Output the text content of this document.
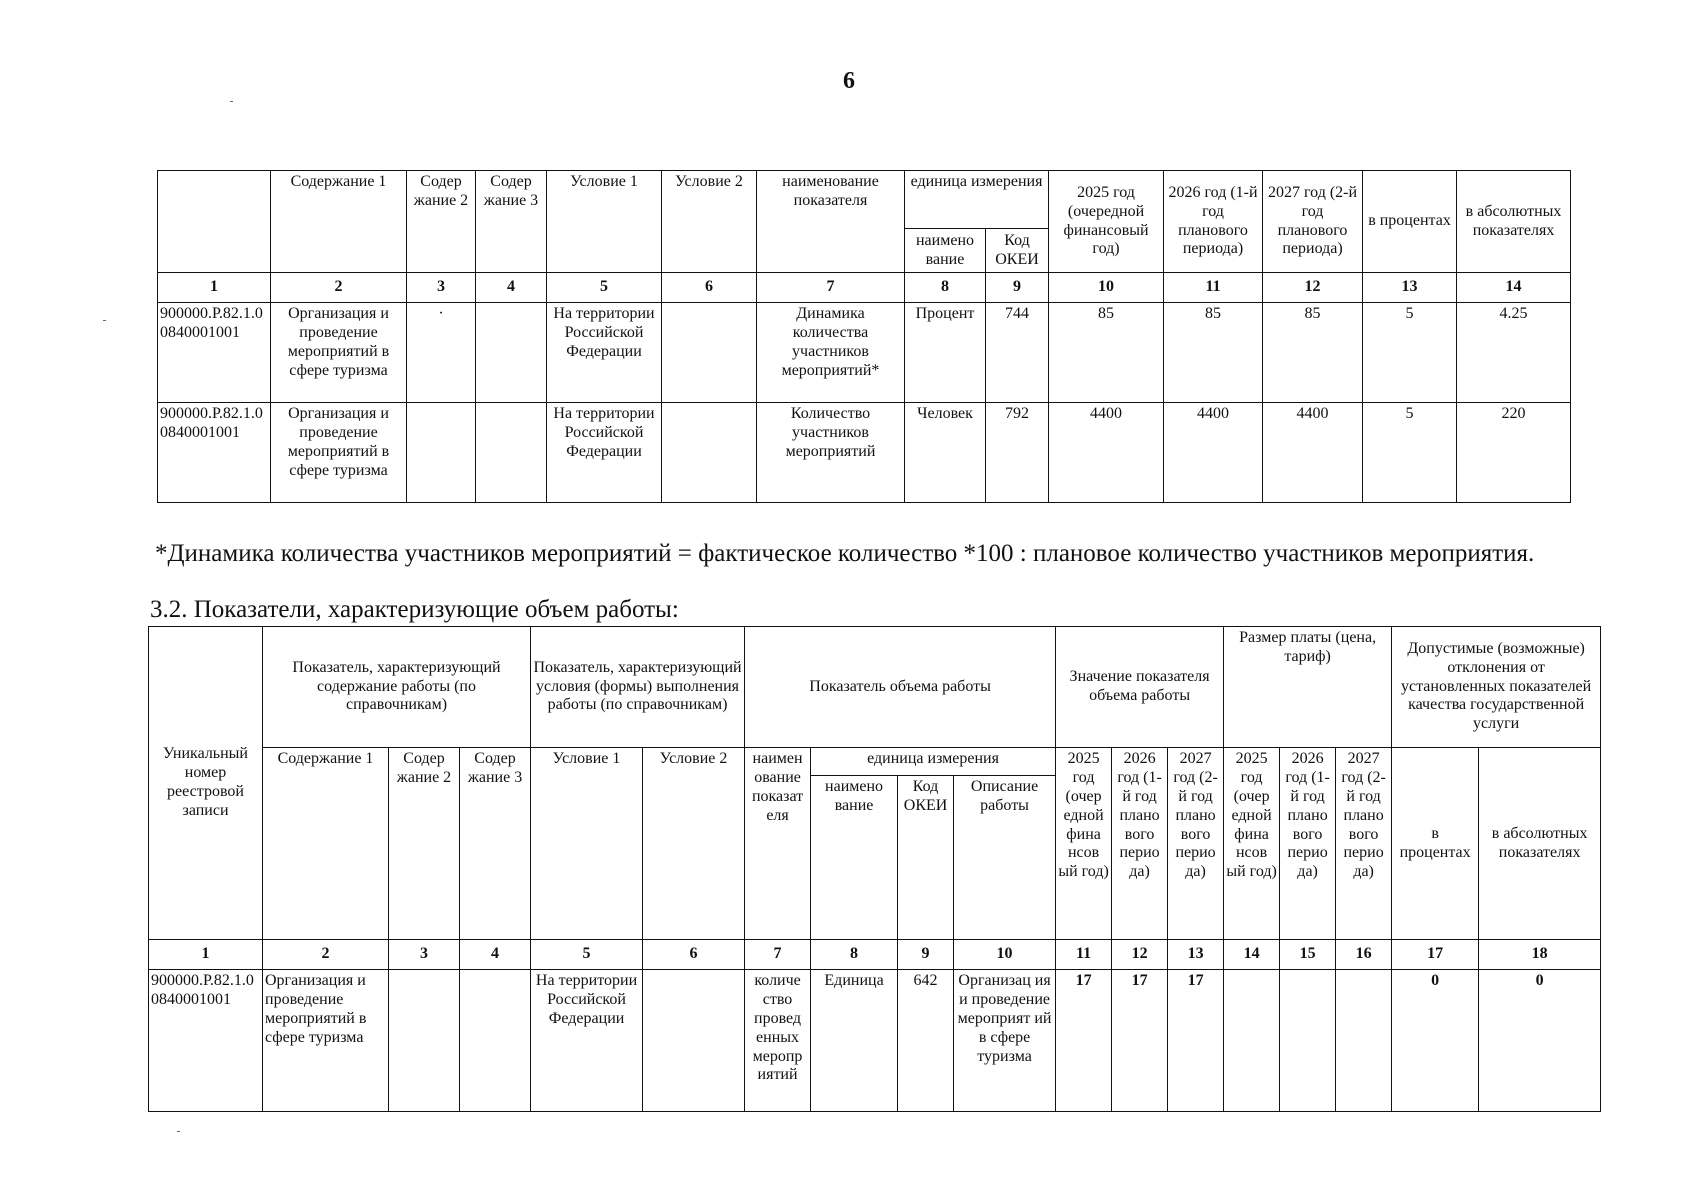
6
	Содержание 1	Содер жание 2	Содер жание 3	Условие 1	Условие 2	наименование показателя	единица измерения		2025 год (очередной финансовый год)	2026 год (1-й год планового периода)	2027 год (2-й год планового периода)	в процентах	в абсолютных показателях
							наимено вание	Код ОКЕИ					
1	2	3	4	5	6	7	8	9	10	11	12	13	14
900000.Р.82.1.00840001001	Организация и проведение мероприятий в сфере туризма	·		На территории Российской Федерации		Динамика количества участников мероприятий*	Процент	744	85	85	85	5	4.25
900000.Р.82.1.00840001001	Организация и проведение мероприятий в сфере туризма			На территории Российской Федерации		Количество участников мероприятий	Человек	792	4400	4400	4400	5	220
*Динамика количества участников мероприятий = фактическое количество *100 : плановое количество участников мероприятия.
3.2. Показатели, характеризующие объем работы:
Уникальный номер реестровой записи	Показатель, характеризующий содержание работы (по справочникам)			Показатель, характеризующий условия (формы) выполнения работы (по справочникам)		Показатель объема работы				Значение показателя объема работы			Размер платы (цена, тариф)			Допустимые (возможные) отклонения от установленных показателей качества государственной услуги	
	Содержание 1	Содер жание 2	Содер жание 3	Условие 1	Условие 2	наимен ование показат еля	единица измерения			2025 год (очер едной фина нсов ый год)	2026 год (1-й год плано вого перио да)	2027 год (2-й год плано вого перио да)	2025 год (очер едной фина нсов ый год)	2026 год (1-й год плано вого перио да)	2027 год (2-й год плано вого перио да)	в процентах	в абсолютных показателях
							наимено вание	Код ОКЕИ	Описание работы								
1	2	3	4	5	6	7	8	9	10	11	12	13	14	15	16	17	18
900000.Р.82.1.00840001001	Организация и проведение мероприятий в сфере туризма			На территории Российской Федерации		количе ство провед енных меропр иятий	Единица	642	Организац ия и проведение мероприят ий в сфере туризма	17	17	17				0	0
